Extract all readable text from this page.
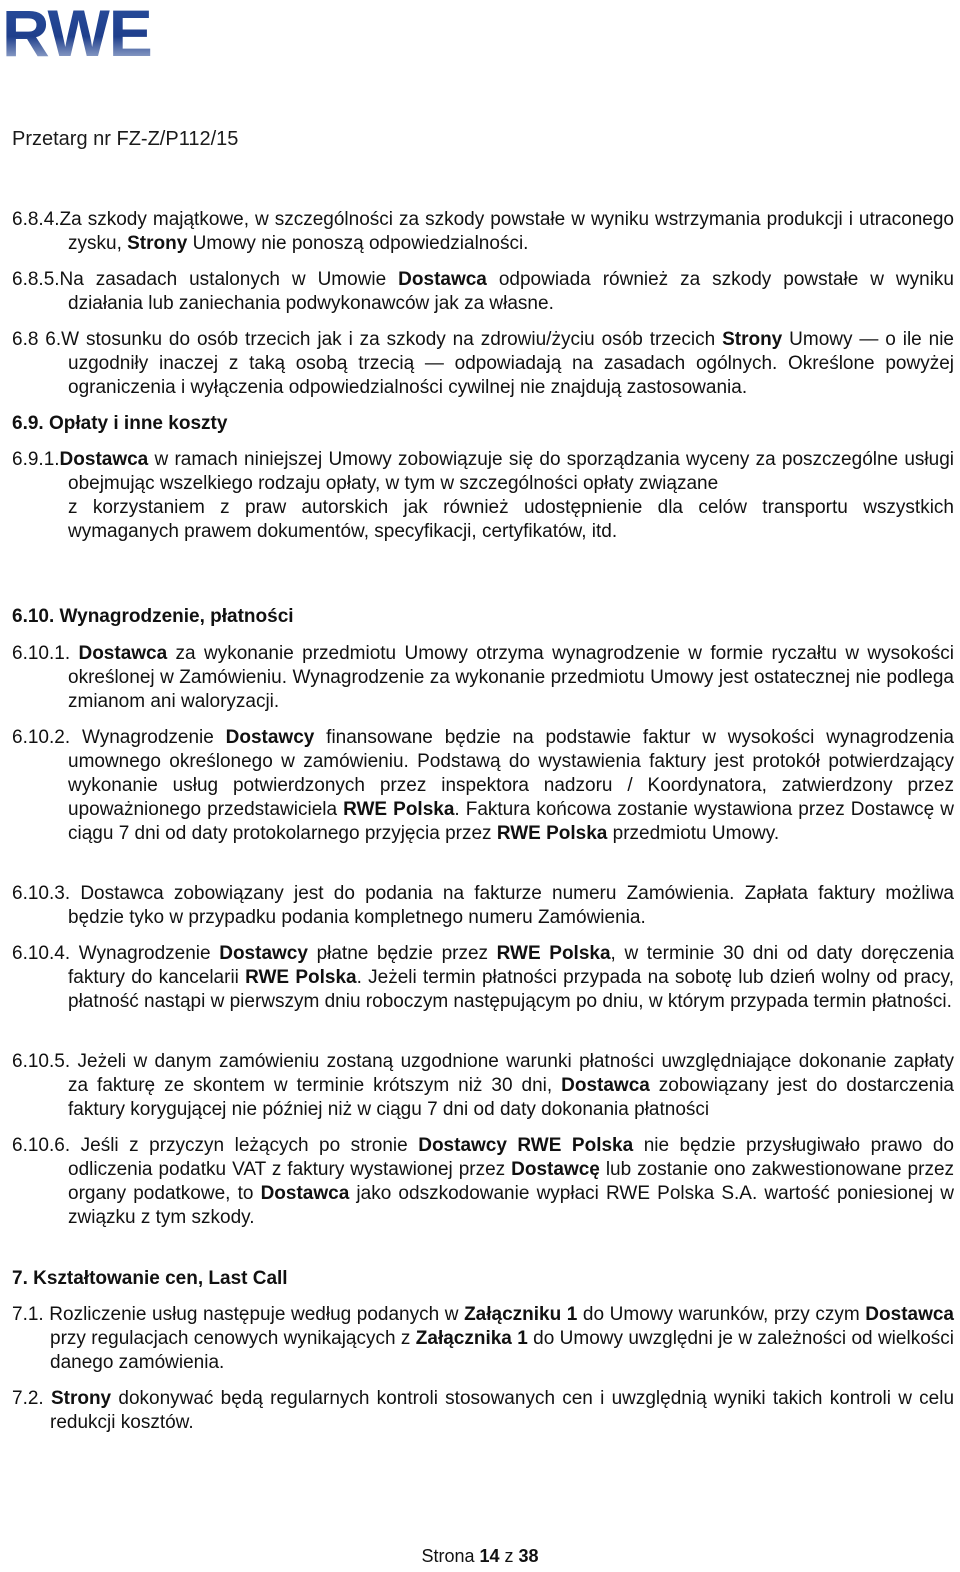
RWE
Przetarg nr FZ-Z/P112/15
6.8.4.Za szkody majątkowe, w szczególności za szkody powstałe w wyniku wstrzymania produkcji i utraconego zysku, Strony Umowy nie ponoszą odpowiedzialności.
6.8.5.Na zasadach ustalonych w Umowie Dostawca odpowiada również za szkody powstałe w wyniku działania lub zaniechania podwykonawców jak za własne.
6.8 6.W stosunku do osób trzecich jak i za szkody na zdrowiu/życiu osób trzecich Strony Umowy — o ile nie uzgodniły inaczej z taką osobą trzecią — odpowiadają na zasadach ogólnych. Określone powyżej ograniczenia i wyłączenia odpowiedzialności cywilnej nie znajdują zastosowania.
6.9. Opłaty i inne koszty
6.9.1.Dostawca w ramach niniejszej Umowy zobowiązuje się do sporządzania wyceny za poszczególne usługi obejmując wszelkiego rodzaju opłaty, w tym w szczególności opłaty związane
z korzystaniem z praw autorskich jak również udostępnienie dla celów transportu wszystkich wymaganych prawem dokumentów, specyfikacji, certyfikatów, itd.
6.10. Wynagrodzenie, płatności
6.10.1. Dostawca za wykonanie przedmiotu Umowy otrzyma wynagrodzenie w formie ryczałtu w wysokości określonej w Zamówieniu. Wynagrodzenie za wykonanie przedmiotu Umowy jest ostatecznej nie podlega zmianom ani waloryzacji.
6.10.2. Wynagrodzenie Dostawcy finansowane będzie na podstawie faktur w wysokości wynagrodzenia umownego określonego w zamówieniu. Podstawą do wystawienia faktury jest protokół potwierdzający wykonanie usług potwierdzonych przez inspektora nadzoru / Koordynatora, zatwierdzony przez upoważnionego przedstawiciela RWE Polska. Faktura końcowa zostanie wystawiona przez Dostawcę w ciągu 7 dni od daty protokolarnego przyjęcia przez RWE Polska przedmiotu Umowy.
6.10.3. Dostawca zobowiązany jest do podania na fakturze numeru Zamówienia. Zapłata faktury możliwa będzie tyko w przypadku podania kompletnego numeru Zamówienia.
6.10.4. Wynagrodzenie Dostawcy płatne będzie przez RWE Polska, w terminie 30 dni od daty doręczenia faktury do kancelarii RWE Polska. Jeżeli termin płatności przypada na sobotę lub dzień wolny od pracy, płatność nastąpi w pierwszym dniu roboczym następującym po dniu, w którym przypada termin płatności.
6.10.5. Jeżeli w danym zamówieniu zostaną uzgodnione warunki płatności uwzględniające dokonanie zapłaty za fakturę ze skontem w terminie krótszym niż 30 dni, Dostawca zobowiązany jest do dostarczenia faktury korygującej nie później niż w ciągu 7 dni od daty dokonania płatności
6.10.6. Jeśli z przyczyn leżących po stronie Dostawcy RWE Polska nie będzie przysługiwało prawo do odliczenia podatku VAT z faktury wystawionej przez Dostawcę lub zostanie ono zakwestionowane przez organy podatkowe, to Dostawca jako odszkodowanie wypłaci RWE Polska S.A. wartość poniesionej w związku z tym szkody.
7. Kształtowanie cen, Last Call
7.1. Rozliczenie usług następuje według podanych w Załączniku 1 do Umowy warunków, przy czym Dostawca przy regulacjach cenowych wynikających z Załącznika 1 do Umowy uwzględni je w zależności od wielkości danego zamówienia.
7.2. Strony dokonywać będą regularnych kontroli stosowanych cen i uwzględnią wyniki takich kontroli w celu redukcji kosztów.
Strona 14 z 38
